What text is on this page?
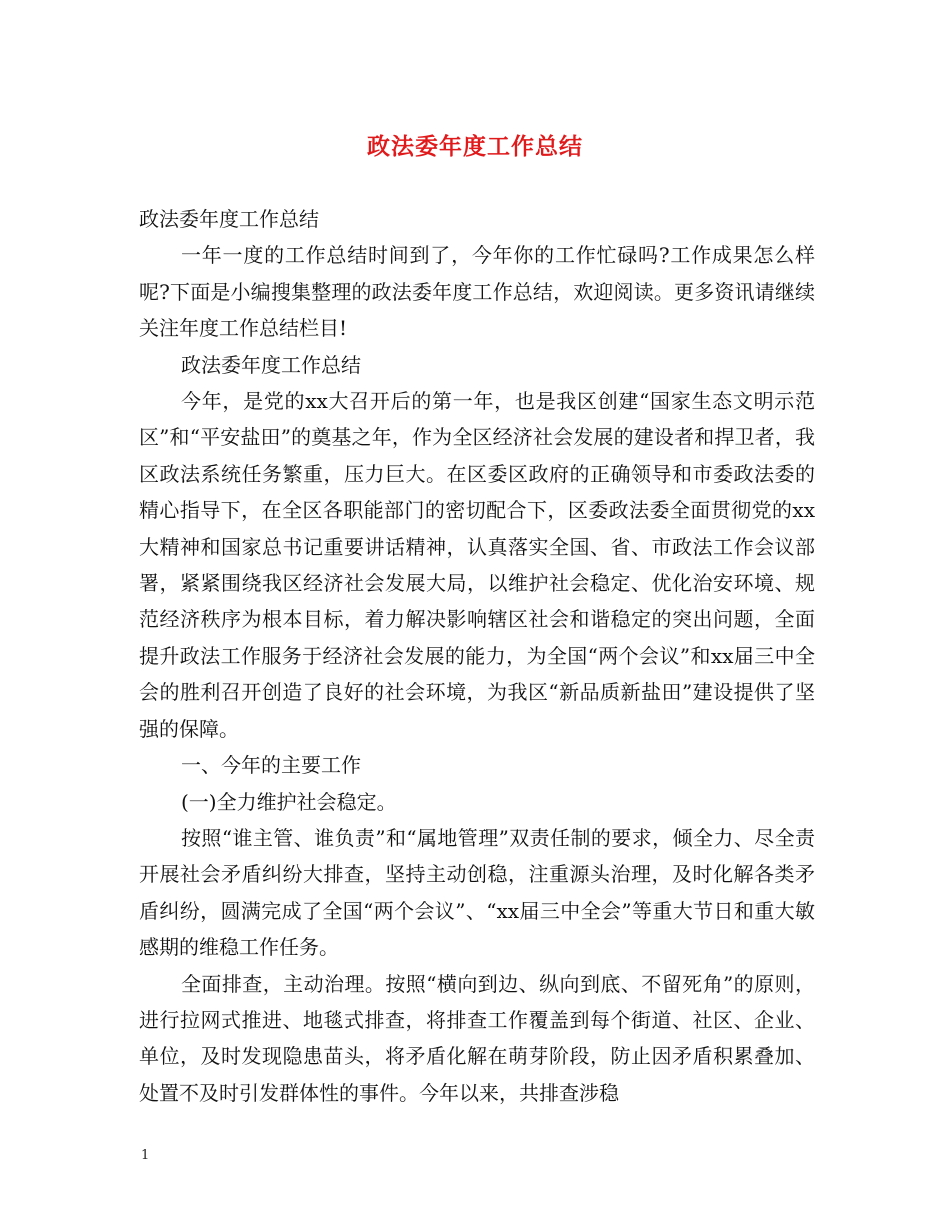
政法委年度工作总结

政法委年度工作总结

一年一度的工作总结时间到了，今年你的工作忙碌吗?工作成果怎么样呢?下面是小编搜集整理的政法委年度工作总结，欢迎阅读。更多资讯请继续关注年度工作总结栏目!

政法委年度工作总结

今年，是党的xx大召开后的第一年，也是我区创建“国家生态文明示范区”和“平安盐田”的奠基之年，作为全区经济社会发展的建设者和捍卫者，我区政法系统任务繁重，压力巨大。在区委区政府的正确领导和市委政法委的精心指导下，在全区各职能部门的密切配合下，区委政法委全面贯彻党的xx大精神和国家总书记重要讲话精神，认真落实全国、省、市政法工作会议部署，紧紧围绕我区经济社会发展大局，以维护社会稳定、优化治安环境、规范经济秩序为根本目标，着力解决影响辖区社会和谐稳定的突出问题，全面提升政法工作服务于经济社会发展的能力，为全国“两个会议”和xx届三中全会的胜利召开创造了良好的社会环境，为我区“新品质新盐田”建设提供了坚强的保障。

一、今年的主要工作

(一)全力维护社会稳定。

按照“谁主管、谁负责”和“属地管理”双责任制的要求，倾全力、尽全责开展社会矛盾纠纷大排查，坚持主动创稳，注重源头治理，及时化解各类矛盾纠纷，圆满完成了全国“两个会议”、“xx届三中全会”等重大节日和重大敏感期的维稳工作任务。

全面排查，主动治理。按照“横向到边、纵向到底、不留死角”的原则，进行拉网式推进、地毯式排查，将排查工作覆盖到每个街道、社区、企业、单位，及时发现隐患苗头，将矛盾化解在萌芽阶段，防止因矛盾积累叠加、处置不及时引发群体性的事件。今年以来，共排查涉稳

1
